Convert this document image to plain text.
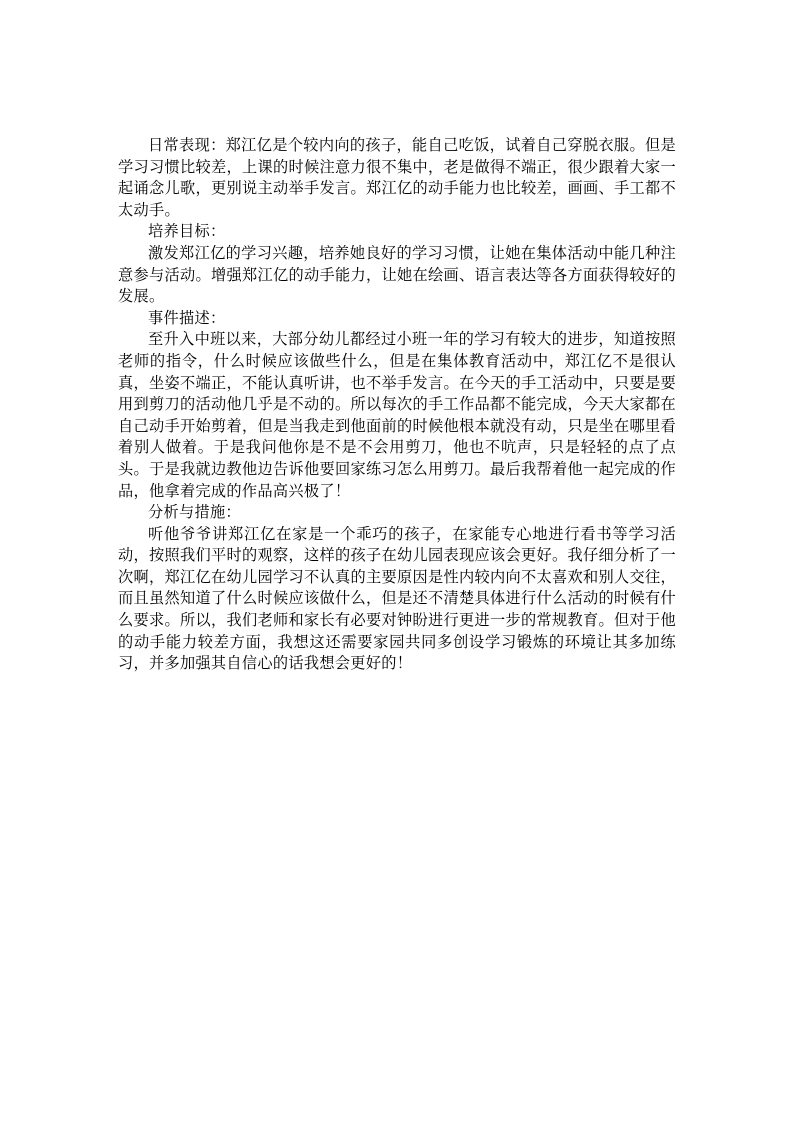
日常表现：郑江亿是个较内向的孩子，能自己吃饭，试着自己穿脱衣服。但是学习习惯比较差，上课的时候注意力很不集中，老是做得不端正，很少跟着大家一起诵念儿歌，更别说主动举手发言。郑江亿的动手能力也比较差，画画、手工都不太动手。

培养目标：

激发郑江亿的学习兴趣，培养她良好的学习习惯，让她在集体活动中能几种注意参与活动。增强郑江亿的动手能力，让她在绘画、语言表达等各方面获得较好的发展。

事件描述：

至升入中班以来，大部分幼儿都经过小班一年的学习有较大的进步，知道按照老师的指令，什么时候应该做些什么，但是在集体教育活动中，郑江亿不是很认真，坐姿不端正，不能认真听讲，也不举手发言。在今天的手工活动中，只要是要用到剪刀的活动他几乎是不动的。所以每次的手工作品都不能完成，今天大家都在自己动手开始剪着，但是当我走到他面前的时候他根本就没有动，只是坐在哪里看着别人做着。于是我问他你是不是不会用剪刀，他也不吭声，只是轻轻的点了点头。于是我就边教他边告诉他要回家练习怎么用剪刀。最后我帮着他一起完成的作品，他拿着完成的作品高兴极了！

分析与措施：

听他爷爷讲郑江亿在家是一个乖巧的孩子，在家能专心地进行看书等学习活动，按照我们平时的观察，这样的孩子在幼儿园表现应该会更好。我仔细分析了一次啊，郑江亿在幼儿园学习不认真的主要原因是性内较内向不太喜欢和别人交往，而且虽然知道了什么时候应该做什么，但是还不清楚具体进行什么活动的时候有什么要求。所以，我们老师和家长有必要对钟盼进行更进一步的常规教育。但对于他的动手能力较差方面，我想这还需要家园共同多创设学习锻炼的环境让其多加练习，并多加强其自信心的话我想会更好的！
